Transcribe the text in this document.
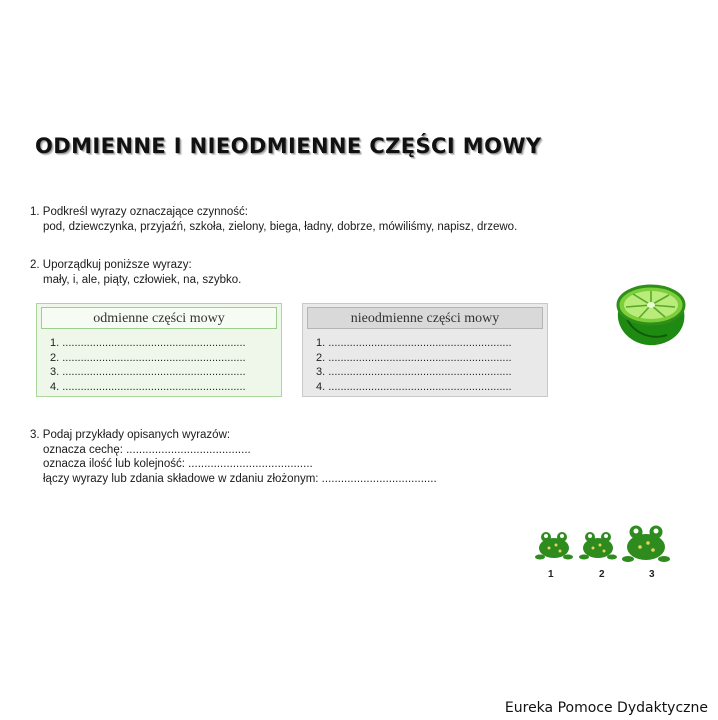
ODMIENNE I NIEODMIENNE CZĘŚCI MOWY
1. Podkreśl wyrazy oznaczające czynność:
pod, dziewczynka, przyjaźń, szkoła, zielony, biega, ładny, dobrze, mówiliśmy, napisz, drzewo.
2. Uporządkuj poniższe wyrazy:
mały, i, ale, piąty, człowiek, na, szybko.
odmienne części mowy
1. ............................................................
2. ............................................................
3. ............................................................
4. ............................................................
nieodmienne części mowy
1. ............................................................
2. ............................................................
3. ............................................................
4. ............................................................
1	2	3
3. Podaj przykłady opisanych wyrazów:
oznacza cechę: .......................................
oznacza ilość lub kolejność: .......................................
łączy wyrazy lub zdania składowe w zdaniu złożonym: ....................................
Eureka Pomoce Dydaktyczne
